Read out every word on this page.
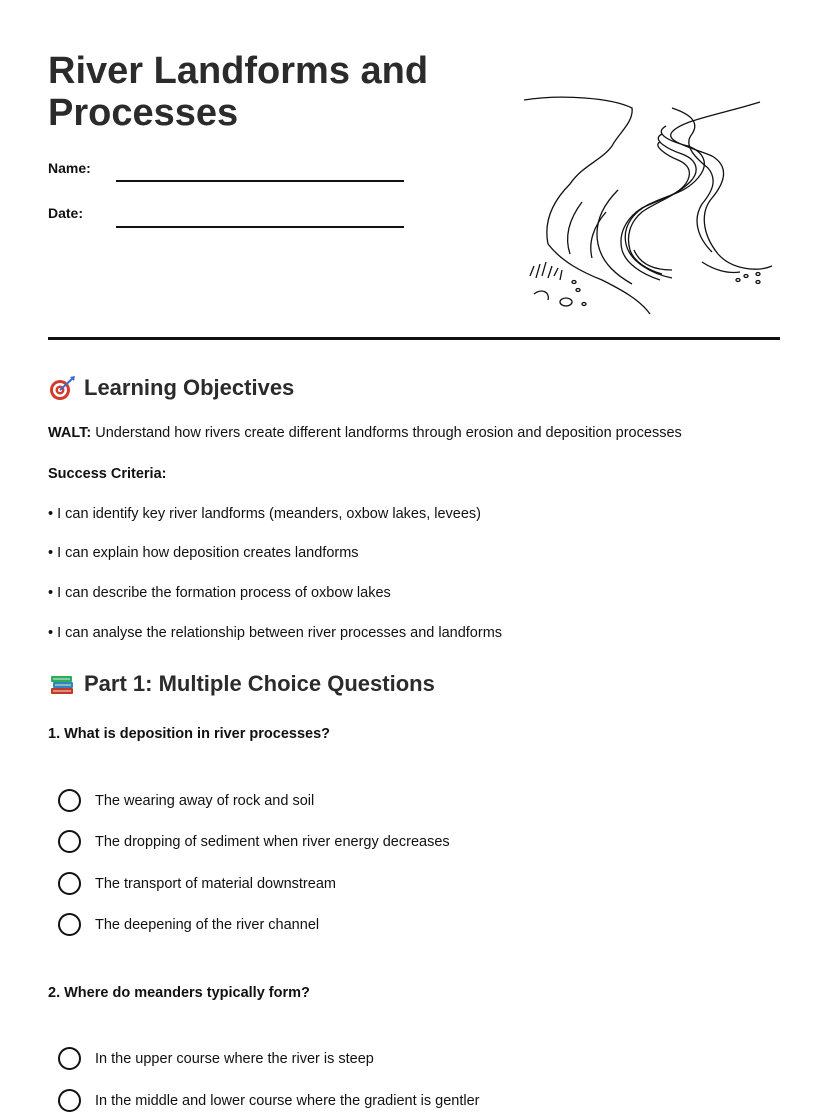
River Landforms and Processes
Name:
Date:
Learning Objectives
WALT: Understand how rivers create different landforms through erosion and deposition processes
Success Criteria:
• I can identify key river landforms (meanders, oxbow lakes, levees)
• I can explain how deposition creates landforms
• I can describe the formation process of oxbow lakes
• I can analyse the relationship between river processes and landforms
Part 1: Multiple Choice Questions
1. What is deposition in river processes?
The wearing away of rock and soil
The dropping of sediment when river energy decreases
The transport of material downstream
The deepening of the river channel
2. Where do meanders typically form?
In the upper course where the river is steep
In the middle and lower course where the gradient is gentler
